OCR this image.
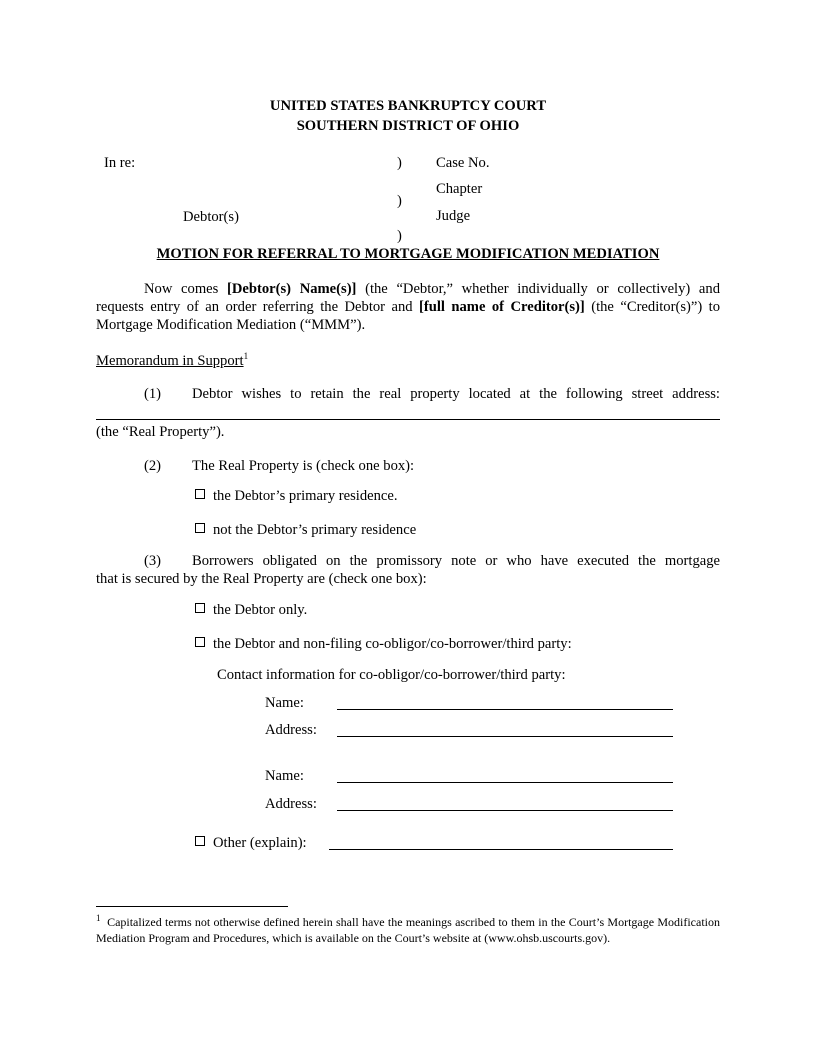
UNITED STATES BANKRUPTCY COURT
SOUTHERN DISTRICT OF OHIO
In re:
Debtor(s)
)
)
)
Case No.
Chapter
Judge
MOTION FOR REFERRAL TO MORTGAGE MODIFICATION MEDIATION
Now comes [Debtor(s) Name(s)] (the “Debtor,” whether individually or collectively) and requests entry of an order referring the Debtor and [full name of Creditor(s)] (the “Creditor(s)”) to Mortgage Modification Mediation (“MMM”).
Memorandum in Support$^1$
(1) Debtor wishes to retain the real property located at the following street address:
(the “Real Property”).
(2) The Real Property is (check one box):
the Debtor’s primary residence.
not the Debtor’s primary residence
(3) Borrowers obligated on the promissory note or who have executed the mortgage
that is secured by the Real Property are (check one box):
the Debtor only.
the Debtor and non-filing co-obligor/co-borrower/third party:
Contact information for co-obligor/co-borrower/third party:
Name:
Address:
Name:
Address:
Other (explain):
$^1$ Capitalized terms not otherwise defined herein shall have the meanings ascribed to them in the Court’s Mortgage Modification Mediation Program and Procedures, which is available on the Court’s website at (www.ohsb.uscourts.gov).
